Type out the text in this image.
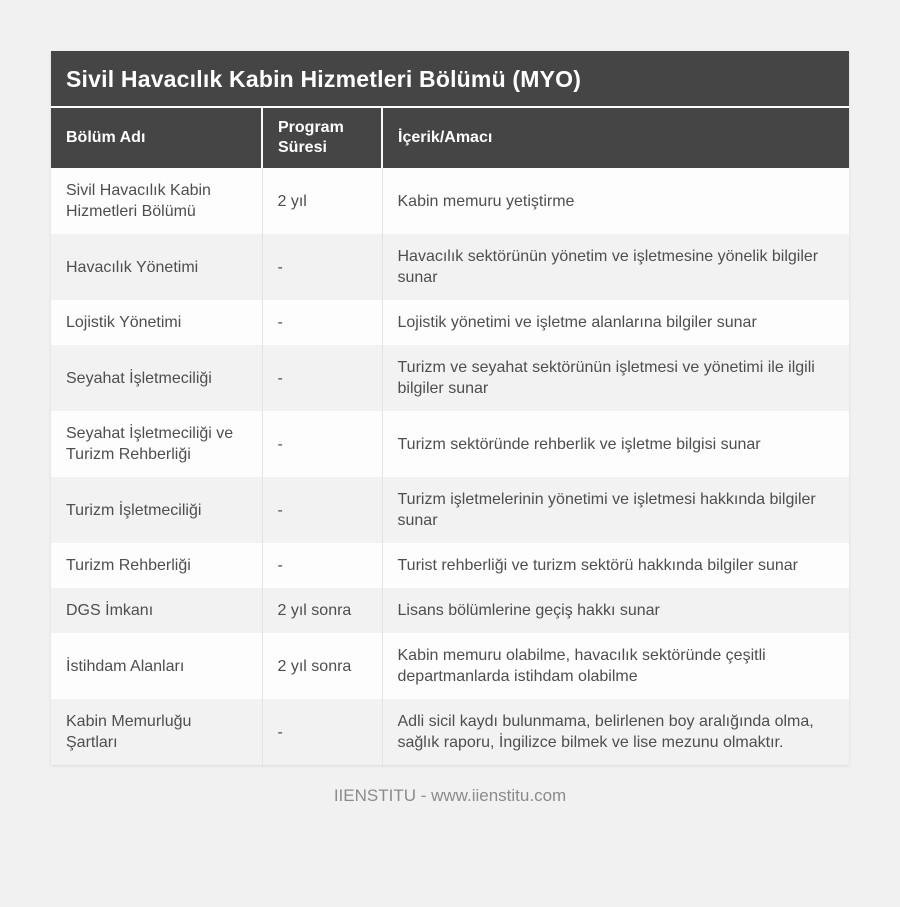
Sivil Havacılık Kabin Hizmetleri Bölümü (MYO)
Bölüm Adı	Program Süresi	İçerik/Amacı
Sivil Havacılık Kabin Hizmetleri Bölümü	2 yıl	Kabin memuru yetiştirme
Havacılık Yönetimi	-	Havacılık sektörünün yönetim ve işletmesine yönelik bilgiler sunar
Lojistik Yönetimi	-	Lojistik yönetimi ve işletme alanlarına bilgiler sunar
Seyahat İşletmeciliği	-	Turizm ve seyahat sektörünün işletmesi ve yönetimi ile ilgili bilgiler sunar
Seyahat İşletmeciliği ve Turizm Rehberliği	-	Turizm sektöründe rehberlik ve işletme bilgisi sunar
Turizm İşletmeciliği	-	Turizm işletmelerinin yönetimi ve işletmesi hakkında bilgiler sunar
Turizm Rehberliği	-	Turist rehberliği ve turizm sektörü hakkında bilgiler sunar
DGS İmkanı	2 yıl sonra	Lisans bölümlerine geçiş hakkı sunar
İstihdam Alanları	2 yıl sonra	Kabin memuru olabilme, havacılık sektöründe çeşitli departmanlarda istihdam olabilme
Kabin Memurluğu Şartları	-	Adli sicil kaydı bulunmama, belirlenen boy aralığında olma, sağlık raporu, İngilizce bilmek ve lise mezunu olmaktır.
IIENSTITU - www.iienstitu.com
